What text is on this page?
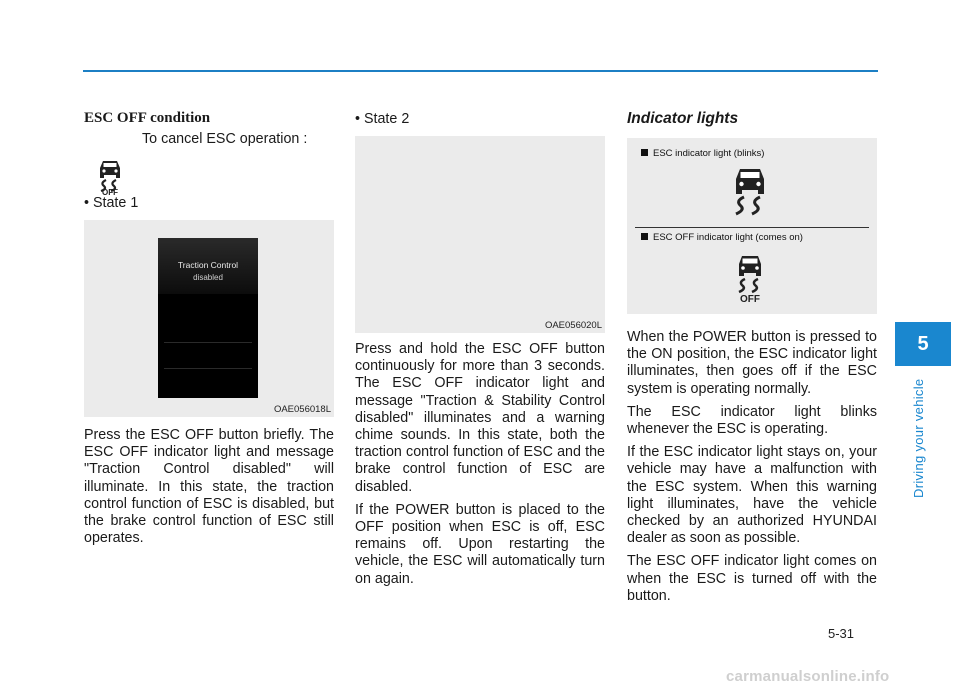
ESC OFF condition
To cancel ESC operation :
OFF
• State 1
Traction Control
disabled
OAE056018L

Press the ESC OFF button briefly. The ESC OFF indicator light and message "Traction Control disabled" will illuminate. In this state, the traction control function of ESC is disabled, but the brake control function of ESC still operates.

• State 2
OAE056020L

Press and hold the ESC OFF button continuously for more than 3 seconds. The ESC OFF indicator light and message "Traction & Stability Control disabled" illuminates and a warning chime sounds. In this state, both the traction control function of ESC and the brake control function of ESC are disabled.

If the POWER button is placed to the OFF position when ESC is off, ESC remains off. Upon restarting the vehicle, the ESC will automatically turn on again.

Indicator lights
ESC indicator light (blinks)
ESC OFF indicator light (comes on)
OFF

When the POWER button is pressed to the ON position, the ESC indicator light illuminates, then goes off if the ESC system is operating normally.

The ESC indicator light blinks whenever the ESC is operating.

If the ESC indicator light stays on, your vehicle may have a malfunction with the ESC system. When this warning light illuminates, have the vehicle checked by an authorized HYUNDAI dealer as soon as possible.

The ESC OFF indicator light comes on when the ESC is turned off with the button.

5
Driving your vehicle
5-31
carmanualsonline.info
